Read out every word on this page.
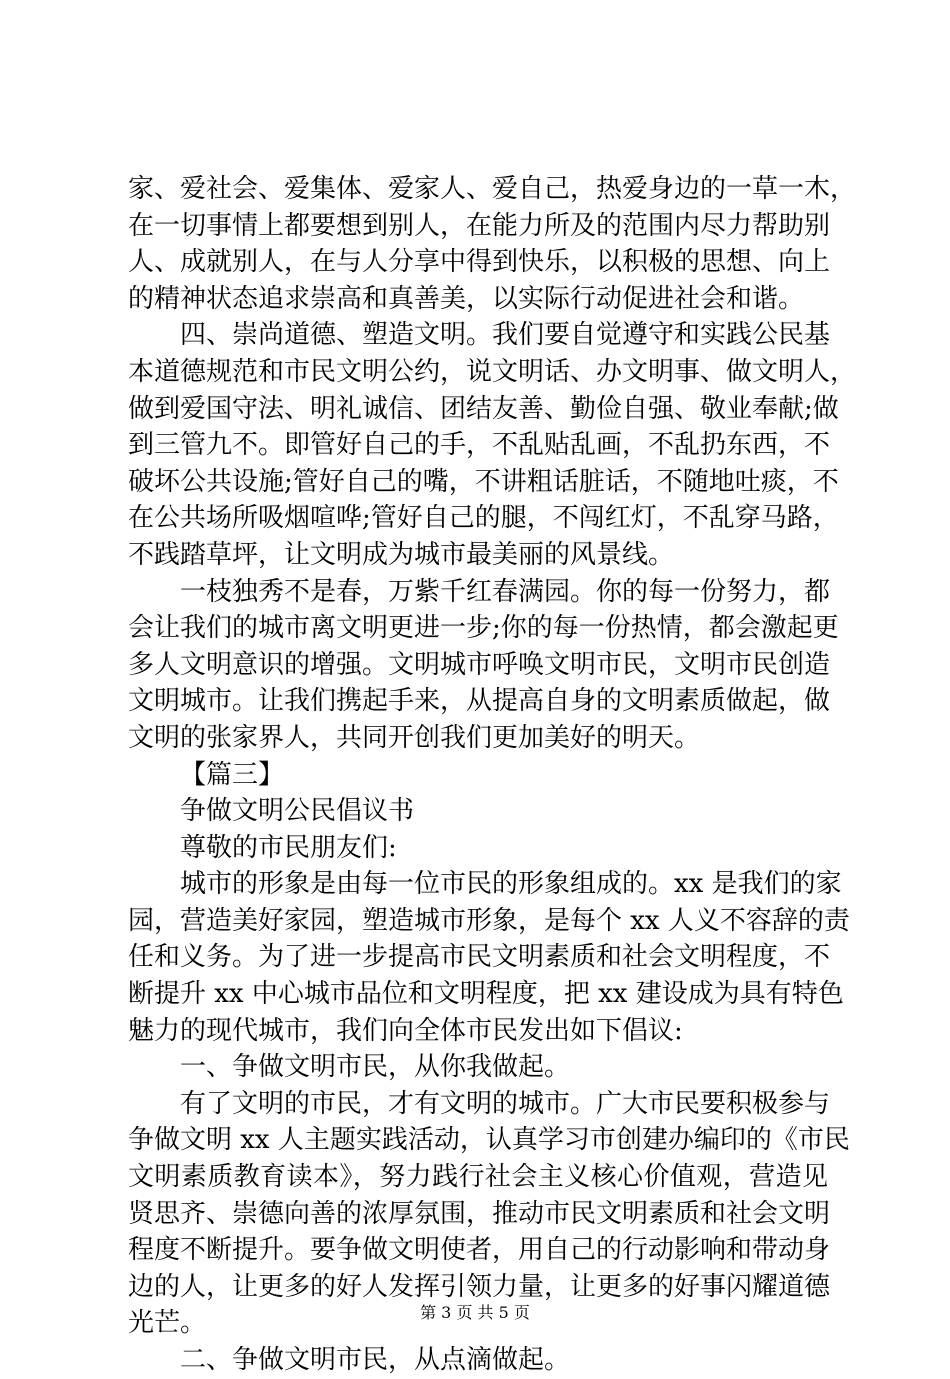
家、爱社会、爱集体、爱家人、爱自己，热爱身边的一草一木，
在一切事情上都要想到别人，在能力所及的范围内尽力帮助别
人、成就别人，在与人分享中得到快乐，以积极的思想、向上
的精神状态追求崇高和真善美，以实际行动促进社会和谐。
四、崇尚道德、塑造文明。我们要自觉遵守和实践公民基
本道德规范和市民文明公约，说文明话、办文明事、做文明人，
做到爱国守法、明礼诚信、团结友善、勤俭自强、敬业奉献;做
到三管九不。即管好自己的手，不乱贴乱画，不乱扔东西，不
破坏公共设施;管好自己的嘴，不讲粗话脏话，不随地吐痰，不
在公共场所吸烟喧哗;管好自己的腿，不闯红灯，不乱穿马路，
不践踏草坪，让文明成为城市最美丽的风景线。
一枝独秀不是春，万紫千红春满园。你的每一份努力，都
会让我们的城市离文明更进一步;你的每一份热情，都会激起更
多人文明意识的增强。文明城市呼唤文明市民，文明市民创造
文明城市。让我们携起手来，从提高自身的文明素质做起，做
文明的张家界人，共同开创我们更加美好的明天。
【篇三】
争做文明公民倡议书
尊敬的市民朋友们:
城市的形象是由每一位市民的形象组成的。xx 是我们的家
园，营造美好家园，塑造城市形象，是每个 xx 人义不容辞的责
任和义务。为了进一步提高市民文明素质和社会文明程度，不
断提升 xx 中心城市品位和文明程度，把 xx 建设成为具有特色
魅力的现代城市，我们向全体市民发出如下倡议:
一、争做文明市民，从你我做起。
有了文明的市民，才有文明的城市。广大市民要积极参与
争做文明 xx 人主题实践活动，认真学习市创建办编印的《市民
文明素质教育读本》，努力践行社会主义核心价值观，营造见
贤思齐、崇德向善的浓厚氛围，推动市民文明素质和社会文明
程度不断提升。要争做文明使者，用自己的行动影响和带动身
边的人，让更多的好人发挥引领力量，让更多的好事闪耀道德
光芒。
二、争做文明市民，从点滴做起。
第 3 页 共 5 页
